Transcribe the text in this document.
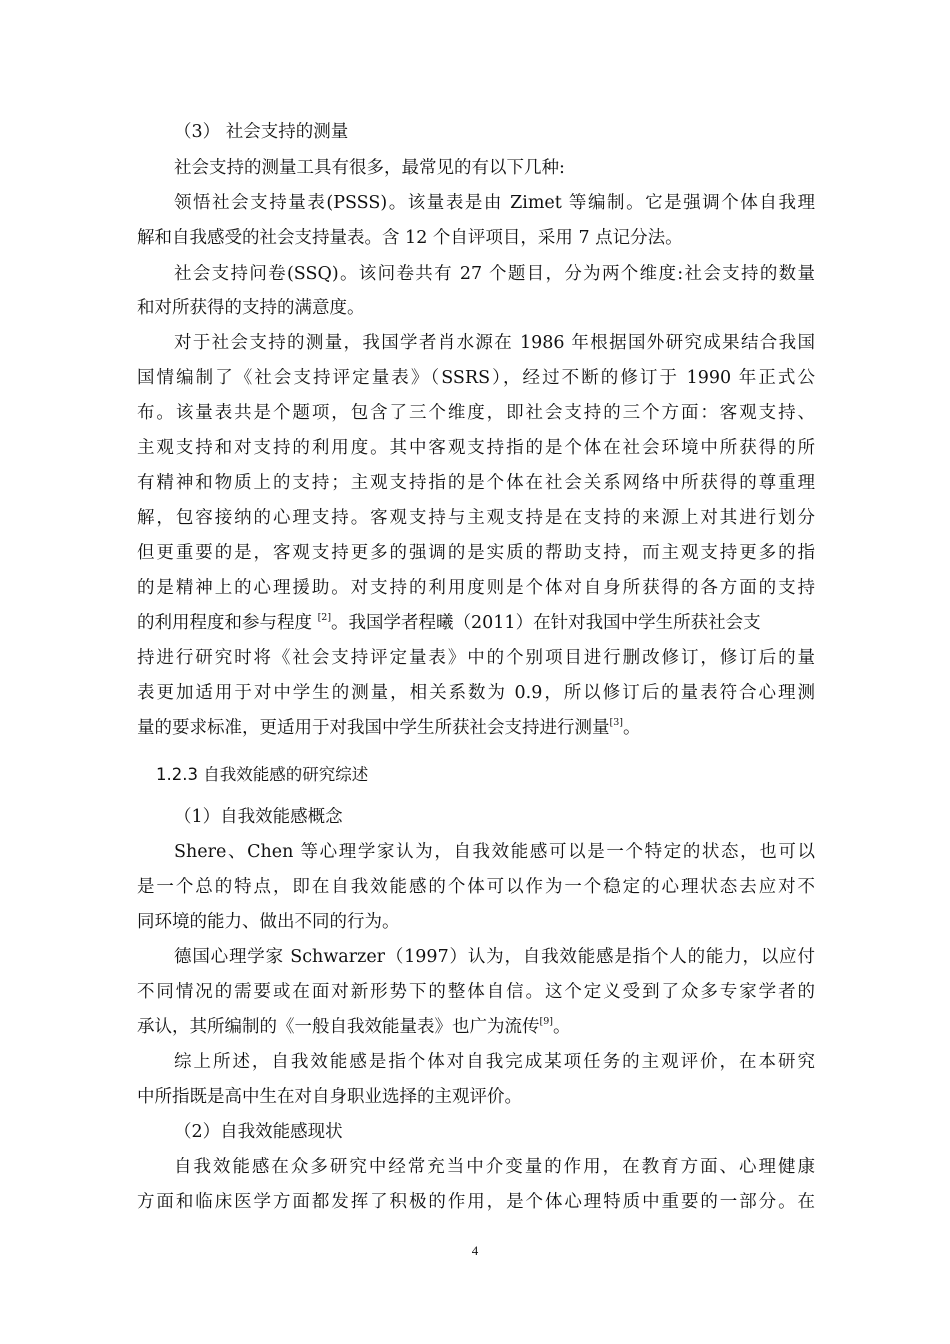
（3） 社会支持的测量
社会支持的测量工具有很多，最常见的有以下几种:
领悟社会支持量表(PSSS)。该量表是由 Zimet 等编制。它是强调个体自我理
解和自我感受的社会支持量表。含 12 个自评项目，采用 7 点记分法。
社会支持问卷(SSQ)。该问卷共有 27 个题目，分为两个维度:社会支持的数量
和对所获得的支持的满意度。
对于社会支持的测量，我国学者肖水源在 1986 年根据国外研究成果结合我国
国情编制了《社会支持评定量表》（SSRS），经过不断的修订于 1990 年正式公
布。该量表共是个题项，包含了三个维度，即社会支持的三个方面：客观支持、
主观支持和对支持的利用度。其中客观支持指的是个体在社会环境中所获得的所
有精神和物质上的支持；主观支持指的是个体在社会关系网络中所获得的尊重理
解，包容接纳的心理支持。客观支持与主观支持是在支持的来源上对其进行划分
但更重要的是，客观支持更多的强调的是实质的帮助支持，而主观支持更多的指
的是精神上的心理援助。对支持的利用度则是个体对自身所获得的各方面的支持
的利用程度和参与程度 [2]。我国学者程曦（2011）在针对我国中学生所获社会支
持进行研究时将《社会支持评定量表》中的个别项目进行删改修订，修订后的量
表更加适用于对中学生的测量，相关系数为 0.9，所以修订后的量表符合心理测
量的要求标准，更适用于对我国中学生所获社会支持进行测量[3]。
1.2.3 自我效能感的研究综述
（1）自我效能感概念
Shere、Chen 等心理学家认为，自我效能感可以是一个特定的状态，也可以
是一个总的特点，即在自我效能感的个体可以作为一个稳定的心理状态去应对不
同环境的能力、做出不同的行为。
德国心理学家 Schwarzer（1997）认为，自我效能感是指个人的能力，以应付
不同情况的需要或在面对新形势下的整体自信。这个定义受到了众多专家学者的
承认，其所编制的《一般自我效能量表》也广为流传[9]。
综上所述，自我效能感是指个体对自我完成某项任务的主观评价，在本研究
中所指既是高中生在对自身职业选择的主观评价。
（2）自我效能感现状
自我效能感在众多研究中经常充当中介变量的作用，在教育方面、心理健康
方面和临床医学方面都发挥了积极的作用，是个体心理特质中重要的一部分。在
4
